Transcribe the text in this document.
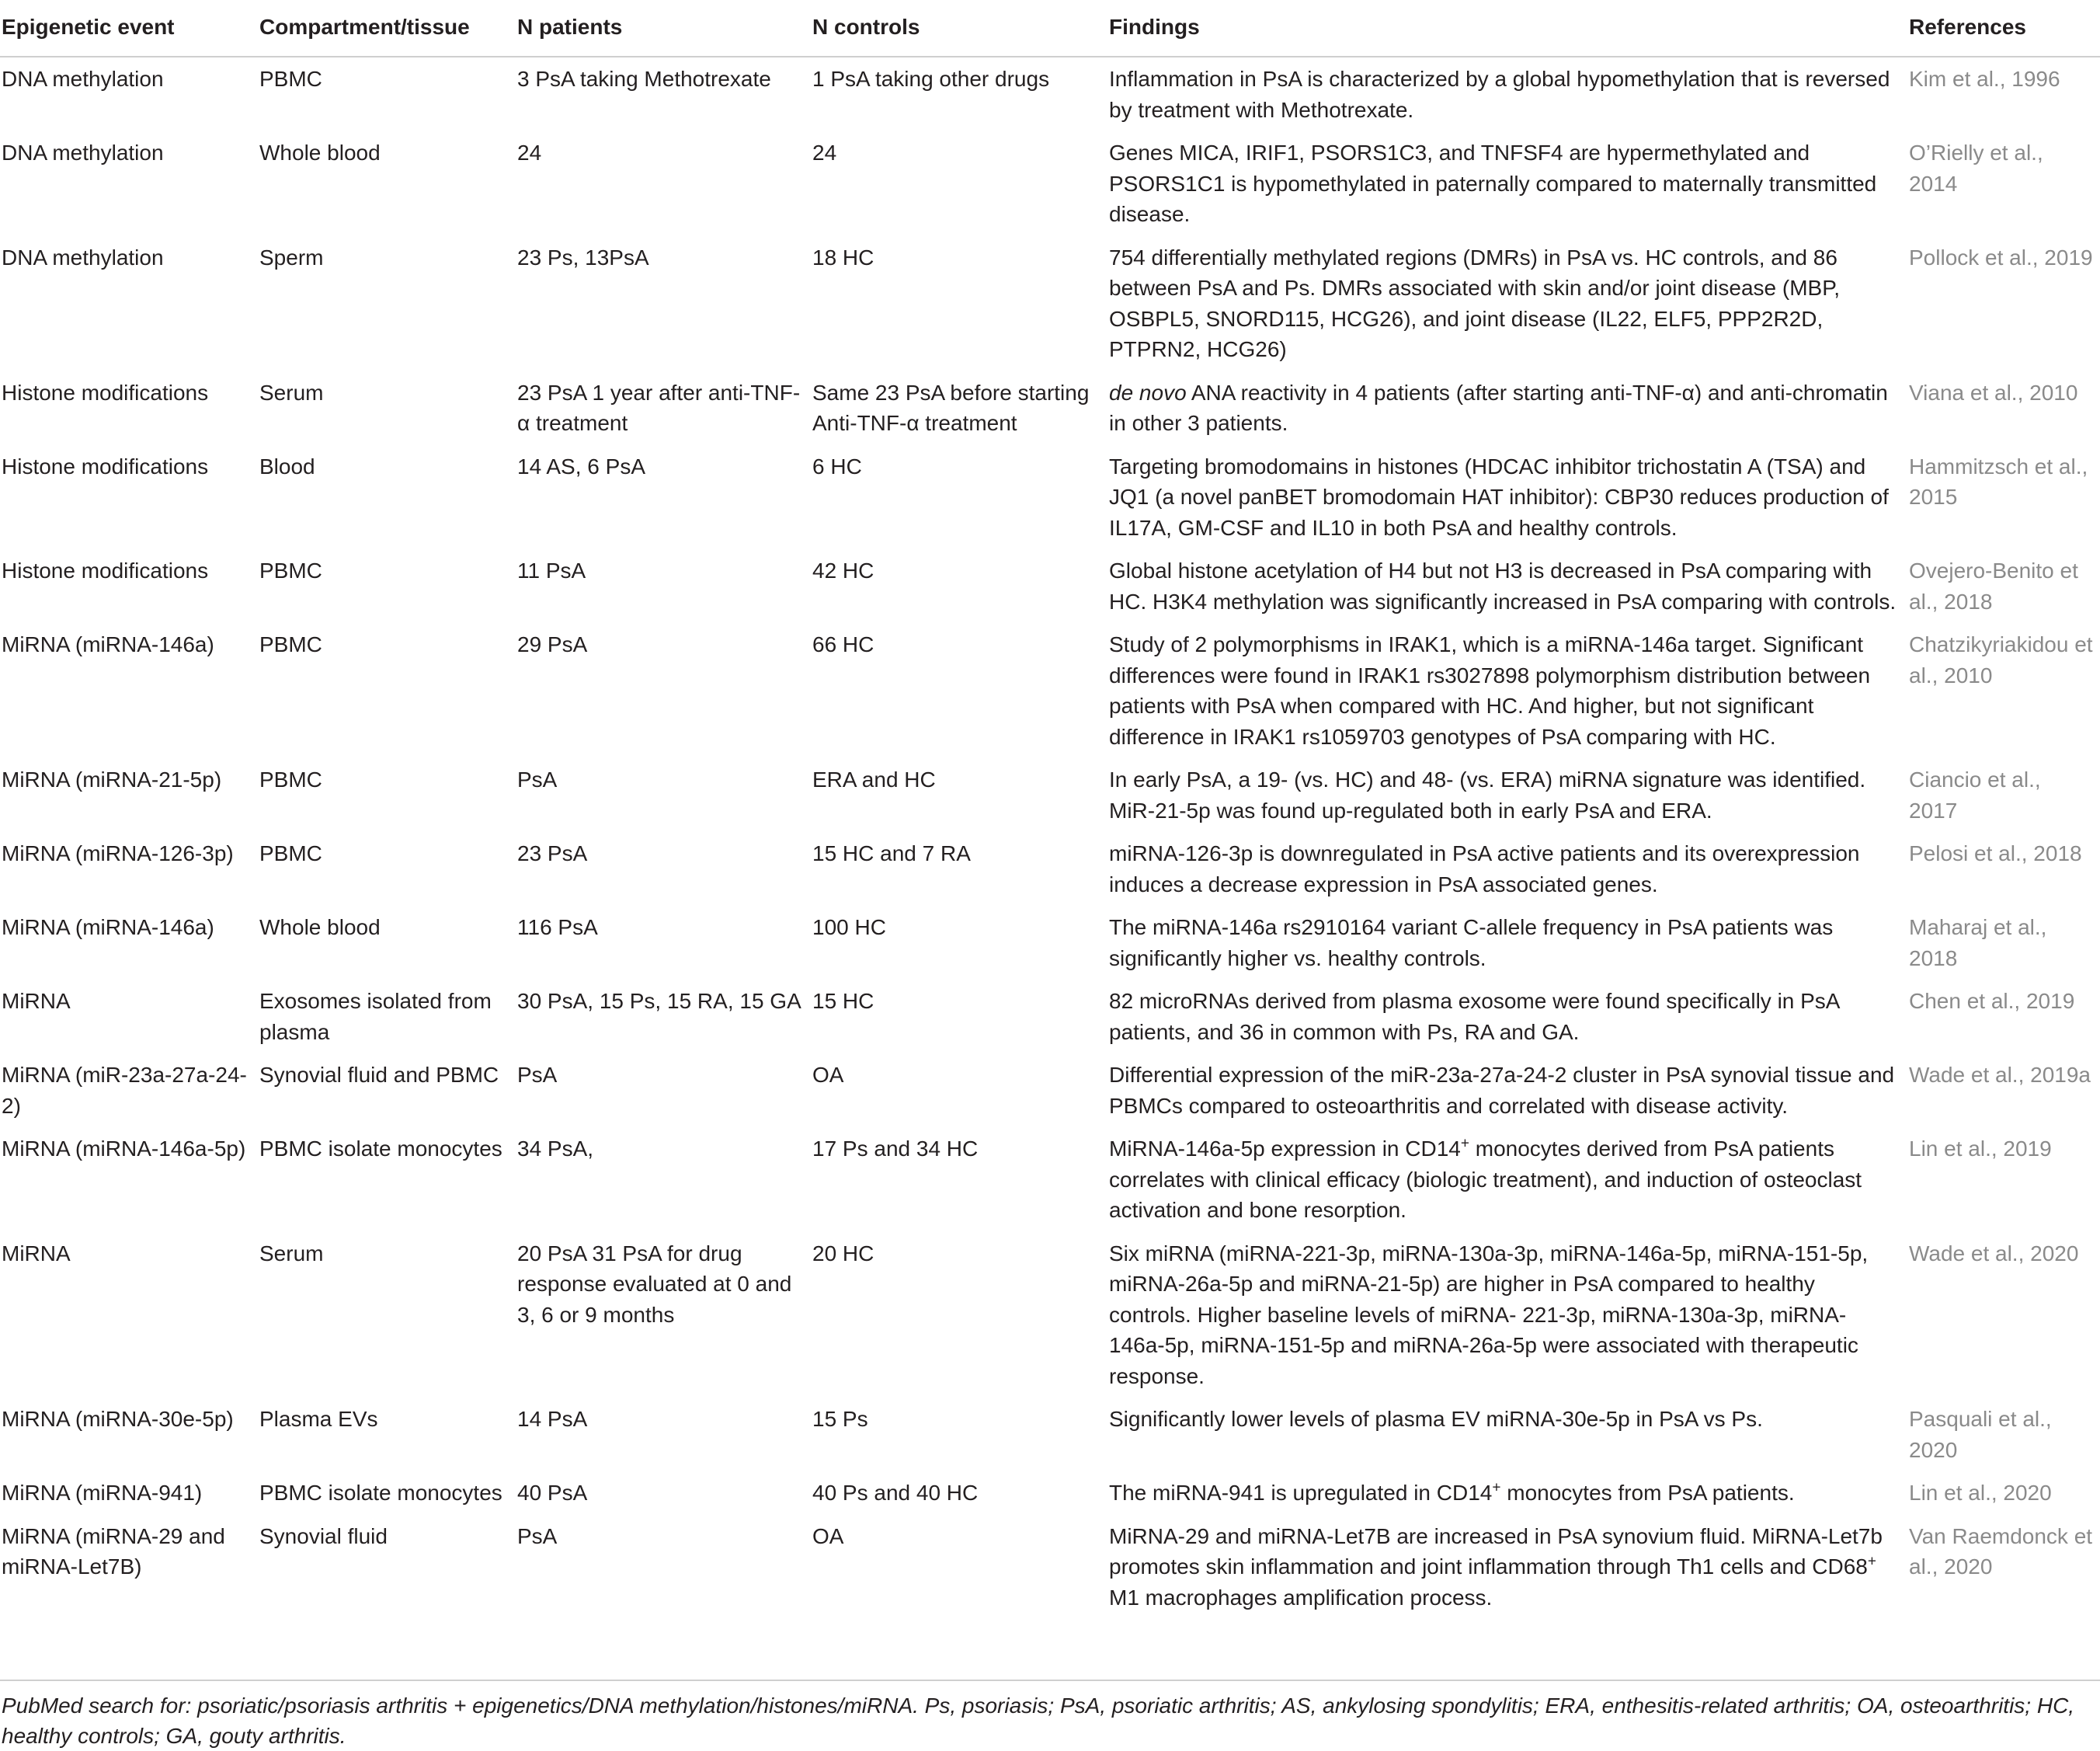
Epigenetic event	Compartment/tissue	N patients	N controls	Findings	References
DNA methylation	PBMC	3 PsA taking Methotrexate	1 PsA taking other drugs	Inflammation in PsA is characterized by a global hypomethylation that is reversed by treatment with Methotrexate.	Kim et al., 1996
DNA methylation	Whole blood	24	24	Genes MICA, IRIF1, PSORS1C3, and TNFSF4 are hypermethylated and PSORS1C1 is hypomethylated in paternally compared to maternally transmitted disease.	O’Rielly et al., 2014
DNA methylation	Sperm	23 Ps, 13PsA	18 HC	754 differentially methylated regions (DMRs) in PsA vs. HC controls, and 86 between PsA and Ps. DMRs associated with skin and/or joint disease (MBP, OSBPL5, SNORD115, HCG26), and joint disease (IL22, ELF5, PPP2R2D, PTPRN2, HCG26)	Pollock et al., 2019
Histone modifications	Serum	23 PsA 1 year after anti-TNF-α treatment	Same 23 PsA before starting Anti-TNF-α treatment	de novo ANA reactivity in 4 patients (after starting anti-TNF-α) and anti-chromatin in other 3 patients.	Viana et al., 2010
Histone modifications	Blood	14 AS, 6 PsA	6 HC	Targeting bromodomains in histones (HDCAC inhibitor trichostatin A (TSA) and JQ1 (a novel panBET bromodomain HAT inhibitor): CBP30 reduces production of IL17A, GM-CSF and IL10 in both PsA and healthy controls.	Hammitzsch et al., 2015
Histone modifications	PBMC	11 PsA	42 HC	Global histone acetylation of H4 but not H3 is decreased in PsA comparing with HC. H3K4 methylation was significantly increased in PsA comparing with controls.	Ovejero-Benito et al., 2018
MiRNA (miRNA-146a)	PBMC	29 PsA	66 HC	Study of 2 polymorphisms in IRAK1, which is a miRNA-146a target. Significant differences were found in IRAK1 rs3027898 polymorphism distribution between patients with PsA when compared with HC. And higher, but not significant difference in IRAK1 rs1059703 genotypes of PsA comparing with HC.	Chatzikyriakidou et al., 2010
MiRNA (miRNA-21-5p)	PBMC	PsA	ERA and HC	In early PsA, a 19- (vs. HC) and 48- (vs. ERA) miRNA signature was identified. MiR-21-5p was found up-regulated both in early PsA and ERA.	Ciancio et al., 2017
MiRNA (miRNA-126-3p)	PBMC	23 PsA	15 HC and 7 RA	miRNA-126-3p is downregulated in PsA active patients and its overexpression induces a decrease expression in PsA associated genes.	Pelosi et al., 2018
MiRNA (miRNA-146a)	Whole blood	116 PsA	100 HC	The miRNA-146a rs2910164 variant C-allele frequency in PsA patients was significantly higher vs. healthy controls.	Maharaj et al., 2018
MiRNA	Exosomes isolated from plasma	30 PsA, 15 Ps, 15 RA, 15 GA	15 HC	82 microRNAs derived from plasma exosome were found specifically in PsA patients, and 36 in common with Ps, RA and GA.	Chen et al., 2019
MiRNA (miR-23a-27a-24-2)	Synovial fluid and PBMC	PsA	OA	Differential expression of the miR-23a-27a-24-2 cluster in PsA synovial tissue and PBMCs compared to osteoarthritis and correlated with disease activity.	Wade et al., 2019a
MiRNA (miRNA-146a-5p)	PBMC isolate monocytes	34 PsA,	17 Ps and 34 HC	MiRNA-146a-5p expression in CD14+ monocytes derived from PsA patients correlates with clinical efficacy (biologic treatment), and induction of osteoclast activation and bone resorption.	Lin et al., 2019
MiRNA	Serum	20 PsA 31 PsA for drug response evaluated at 0 and 3, 6 or 9 months	20 HC	Six miRNA (miRNA-221-3p, miRNA-130a-3p, miRNA-146a-5p, miRNA-151-5p, miRNA-26a-5p and miRNA-21-5p) are higher in PsA compared to healthy controls. Higher baseline levels of miRNA- 221-3p, miRNA-130a-3p, miRNA-146a-5p, miRNA-151-5p and miRNA-26a-5p were associated with therapeutic response.	Wade et al., 2020
MiRNA (miRNA-30e-5p)	Plasma EVs	14 PsA	15 Ps	Significantly lower levels of plasma EV miRNA-30e-5p in PsA vs Ps.	Pasquali et al., 2020
MiRNA (miRNA-941)	PBMC isolate monocytes	40 PsA	40 Ps and 40 HC	The miRNA-941 is upregulated in CD14+ monocytes from PsA patients.	Lin et al., 2020
MiRNA (miRNA-29 and miRNA-Let7B)	Synovial fluid	PsA	OA	MiRNA-29 and miRNA-Let7B are increased in PsA synovium fluid. MiRNA-Let7b promotes skin inflammation and joint inflammation through Th1 cells and CD68+ M1 macrophages amplification process.	Van Raemdonck et al., 2020
PubMed search for: psoriatic/psoriasis arthritis + epigenetics/DNA methylation/histones/miRNA. Ps, psoriasis; PsA, psoriatic arthritis; AS, ankylosing spondylitis; ERA, enthesitis-related arthritis; OA, osteoarthritis; HC, healthy controls; GA, gouty arthritis.
